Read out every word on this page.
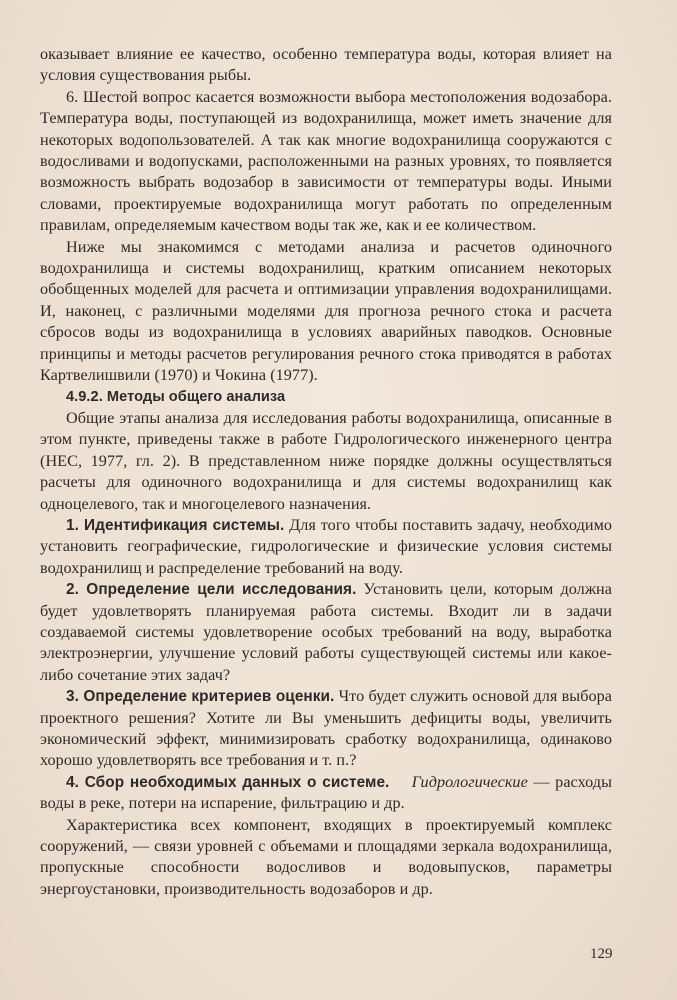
оказывает влияние ее качество, особенно температура воды, которая влияет на условия существования рыбы.

6. Шестой вопрос касается возможности выбора местоположения водозабора. Температура воды, поступающей из водохранилища, может иметь значение для некоторых водопользователей. А так как многие водохранилища сооружаются с водосливами и водопусками, расположенными на разных уровнях, то появляется возможность выбрать водозабор в зависимости от температуры воды. Иными словами, проектируемые водохранилища могут работать по определенным правилам, определяемым качеством воды так же, как и ее количеством.

Ниже мы знакомимся с методами анализа и расчетов одиночного водохранилища и системы водохранилищ, кратким описанием некоторых обобщенных моделей для расчета и оптимизации управления водохранилищами. И, наконец, с различными моделями для прогноза речного стока и расчета сбросов воды из водохранилища в условиях аварийных паводков. Основные принципы и методы расчетов регулирования речного стока приводятся в работах Картвелишвили (1970) и Чокина (1977).

4.9.2. Методы общего анализа

Общие этапы анализа для исследования работы водохранилища, описанные в этом пункте, приведены также в работе Гидрологического инженерного центра (НЕС, 1977, гл. 2). В представленном ниже порядке должны осуществляться расчеты для одиночного водохранилища и для системы водохранилищ как одноцелевого, так и многоцелевого назначения.

1. Идентификация системы. Для того чтобы поставить задачу, необходимо установить географические, гидрологические и физические условия системы водохранилищ и распределение требований на воду.

2. Определение цели исследования. Установить цели, которым должна будет удовлетворять планируемая работа системы. Входит ли в задачи создаваемой системы удовлетворение особых требований на воду, выработка электроэнергии, улучшение условий работы существующей системы или какое-либо сочетание этих задач?

3. Определение критериев оценки. Что будет служить основой для выбора проектного решения? Хотите ли Вы уменьшить дефициты воды, увеличить экономический эффект, минимизировать сработку водохранилища, одинаково хорошо удовлетворять все требования и т. п.?

4. Сбор необходимых данных о системе. Гидрологические — расходы воды в реке, потери на испарение, фильтрацию и др.

Характеристика всех компонент, входящих в проектируемый комплекс сооружений, — связи уровней с объемами и площадями зеркала водохранилища, пропускные способности водосливов и водовыпусков, параметры энергоустановки, производительность водозаборов и др.

129
